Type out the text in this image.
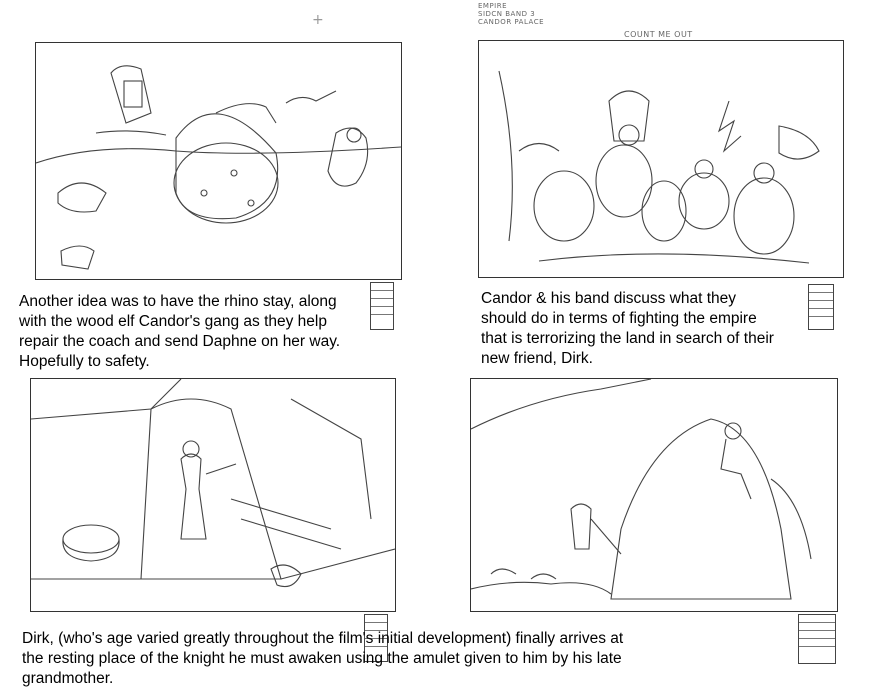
EMPIRE
SIDCN BAND 3
CANDOR PALACE
COUNT ME OUT
+
Another idea was to have the rhino stay, along
with the wood elf Candor's gang as they help
repair the coach and send Daphne on her way.
Hopefully to safety.
Candor & his band discuss what they
should do in terms of fighting the empire
that is terrorizing the land in search of their
new friend, Dirk.
Dirk, (who's age varied greatly throughout the film's initial development) finally arrives at
the resting place of the knight he must awaken using the amulet given to him by his late
grandmother.
